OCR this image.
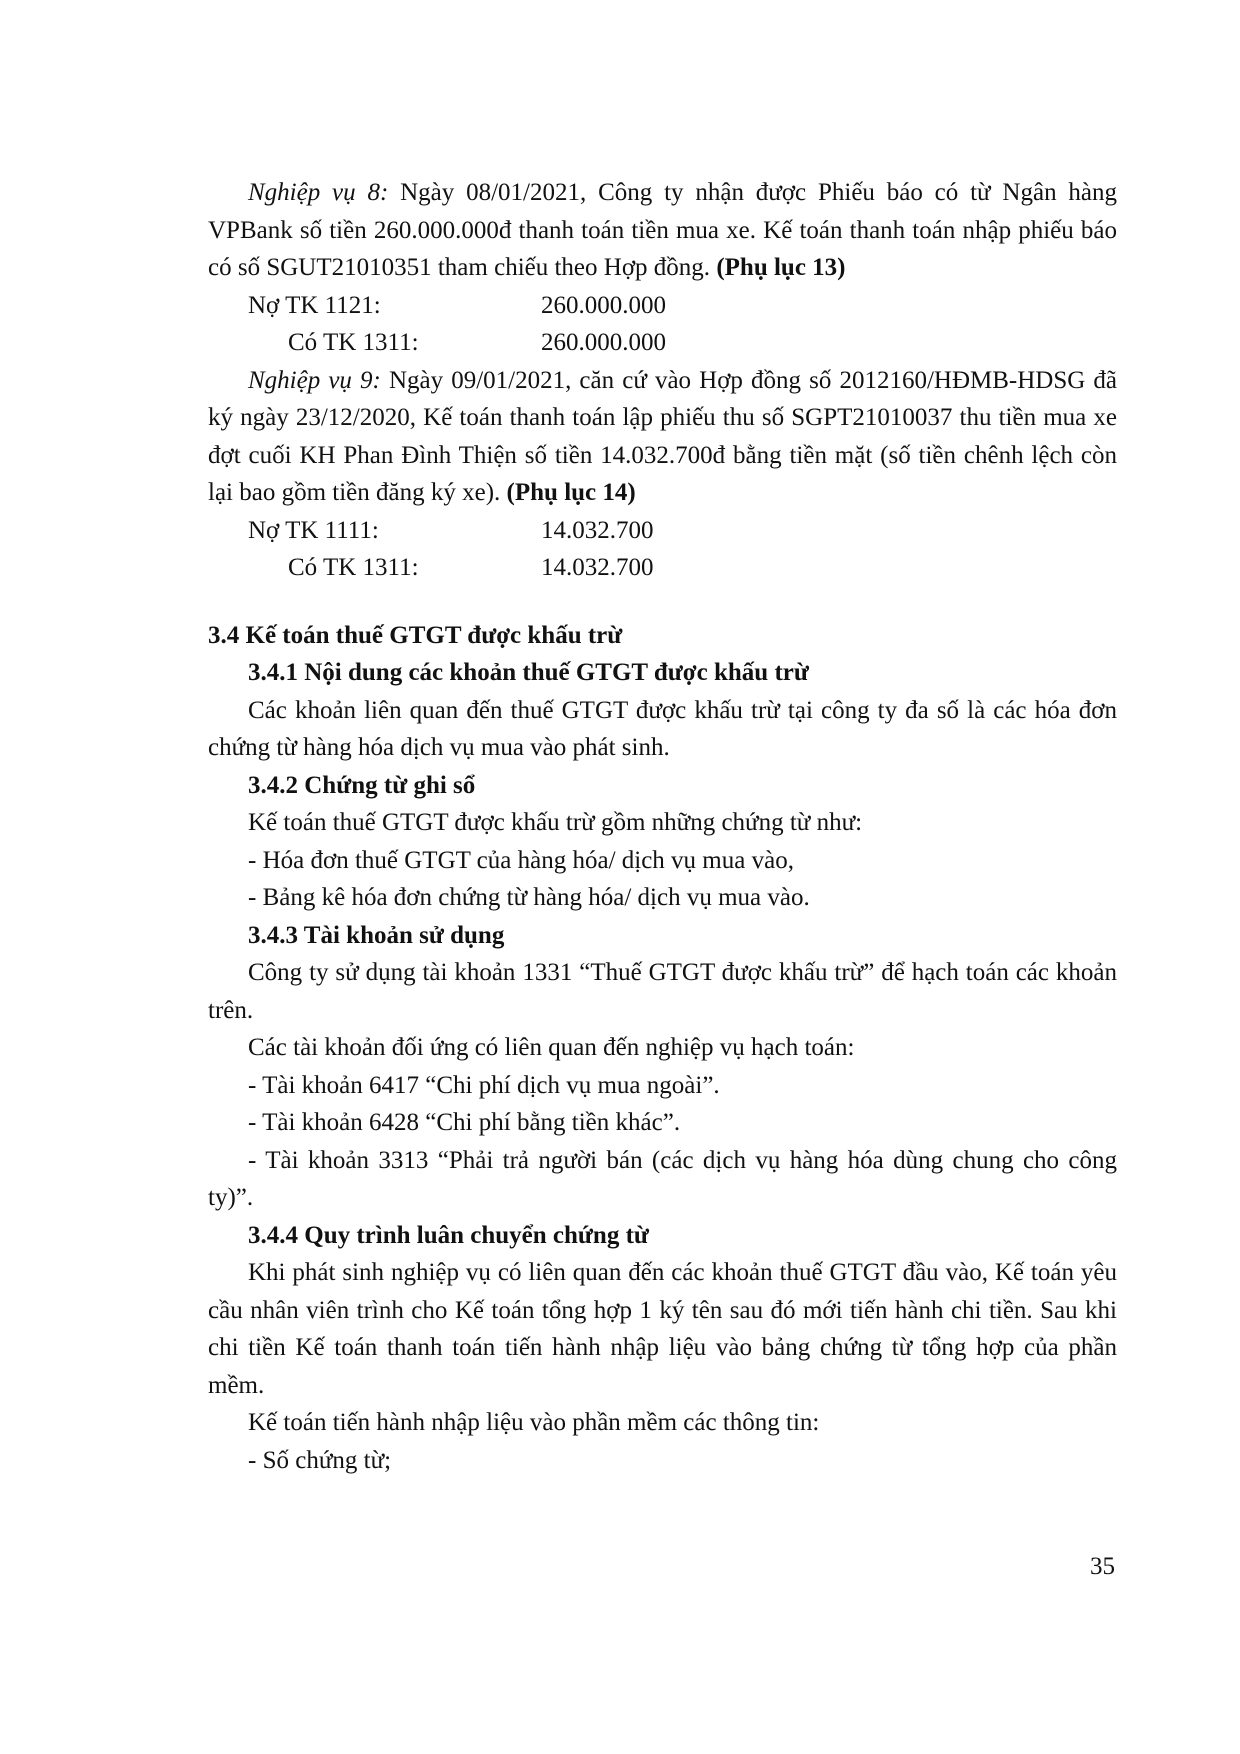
Nghiệp vụ 8: Ngày 08/01/2021, Công ty nhận được Phiếu báo có từ Ngân hàng VPBank số tiền 260.000.000đ thanh toán tiền mua xe. Kế toán thanh toán nhập phiếu báo có số SGUT21010351 tham chiếu theo Hợp đồng. (Phụ lục 13)

Nợ TK 1121:	260.000.000
Có TK 1311:	260.000.000

Nghiệp vụ 9: Ngày 09/01/2021, căn cứ vào Hợp đồng số 2012160/HĐMB-HDSG đã ký ngày 23/12/2020, Kế toán thanh toán lập phiếu thu số SGPT21010037 thu tiền mua xe đợt cuối KH Phan Đình Thiện số tiền 14.032.700đ bằng tiền mặt (số tiền chênh lệch còn lại bao gồm tiền đăng ký xe). (Phụ lục 14)

Nợ TK 1111:	14.032.700
Có TK 1311:	14.032.700

3.4 Kế toán thuế GTGT được khấu trừ

3.4.1 Nội dung các khoản thuế GTGT được khấu trừ

Các khoản liên quan đến thuế GTGT được khấu trừ tại công ty đa số là các hóa đơn chứng từ hàng hóa dịch vụ mua vào phát sinh.

3.4.2 Chứng từ ghi sổ

Kế toán thuế GTGT được khấu trừ gồm những chứng từ như:

- Hóa đơn thuế GTGT của hàng hóa/ dịch vụ mua vào,

- Bảng kê hóa đơn chứng từ hàng hóa/ dịch vụ mua vào.

3.4.3 Tài khoản sử dụng

Công ty sử dụng tài khoản 1331 “Thuế GTGT được khấu trừ” để hạch toán các khoản trên.

Các tài khoản đối ứng có liên quan đến nghiệp vụ hạch toán:

- Tài khoản 6417 “Chi phí dịch vụ mua ngoài”.

- Tài khoản 6428 “Chi phí bằng tiền khác”.

- Tài khoản 3313 “Phải trả người bán (các dịch vụ hàng hóa dùng chung cho công ty)”.

3.4.4 Quy trình luân chuyển chứng từ

Khi phát sinh nghiệp vụ có liên quan đến các khoản thuế GTGT đầu vào, Kế toán yêu cầu nhân viên trình cho Kế toán tổng hợp 1 ký tên sau đó mới tiến hành chi tiền. Sau khi chi tiền Kế toán thanh toán tiến hành nhập liệu vào bảng chứng từ tổng hợp của phần mềm.

Kế toán tiến hành nhập liệu vào phần mềm các thông tin:

- Số chứng từ;

35
